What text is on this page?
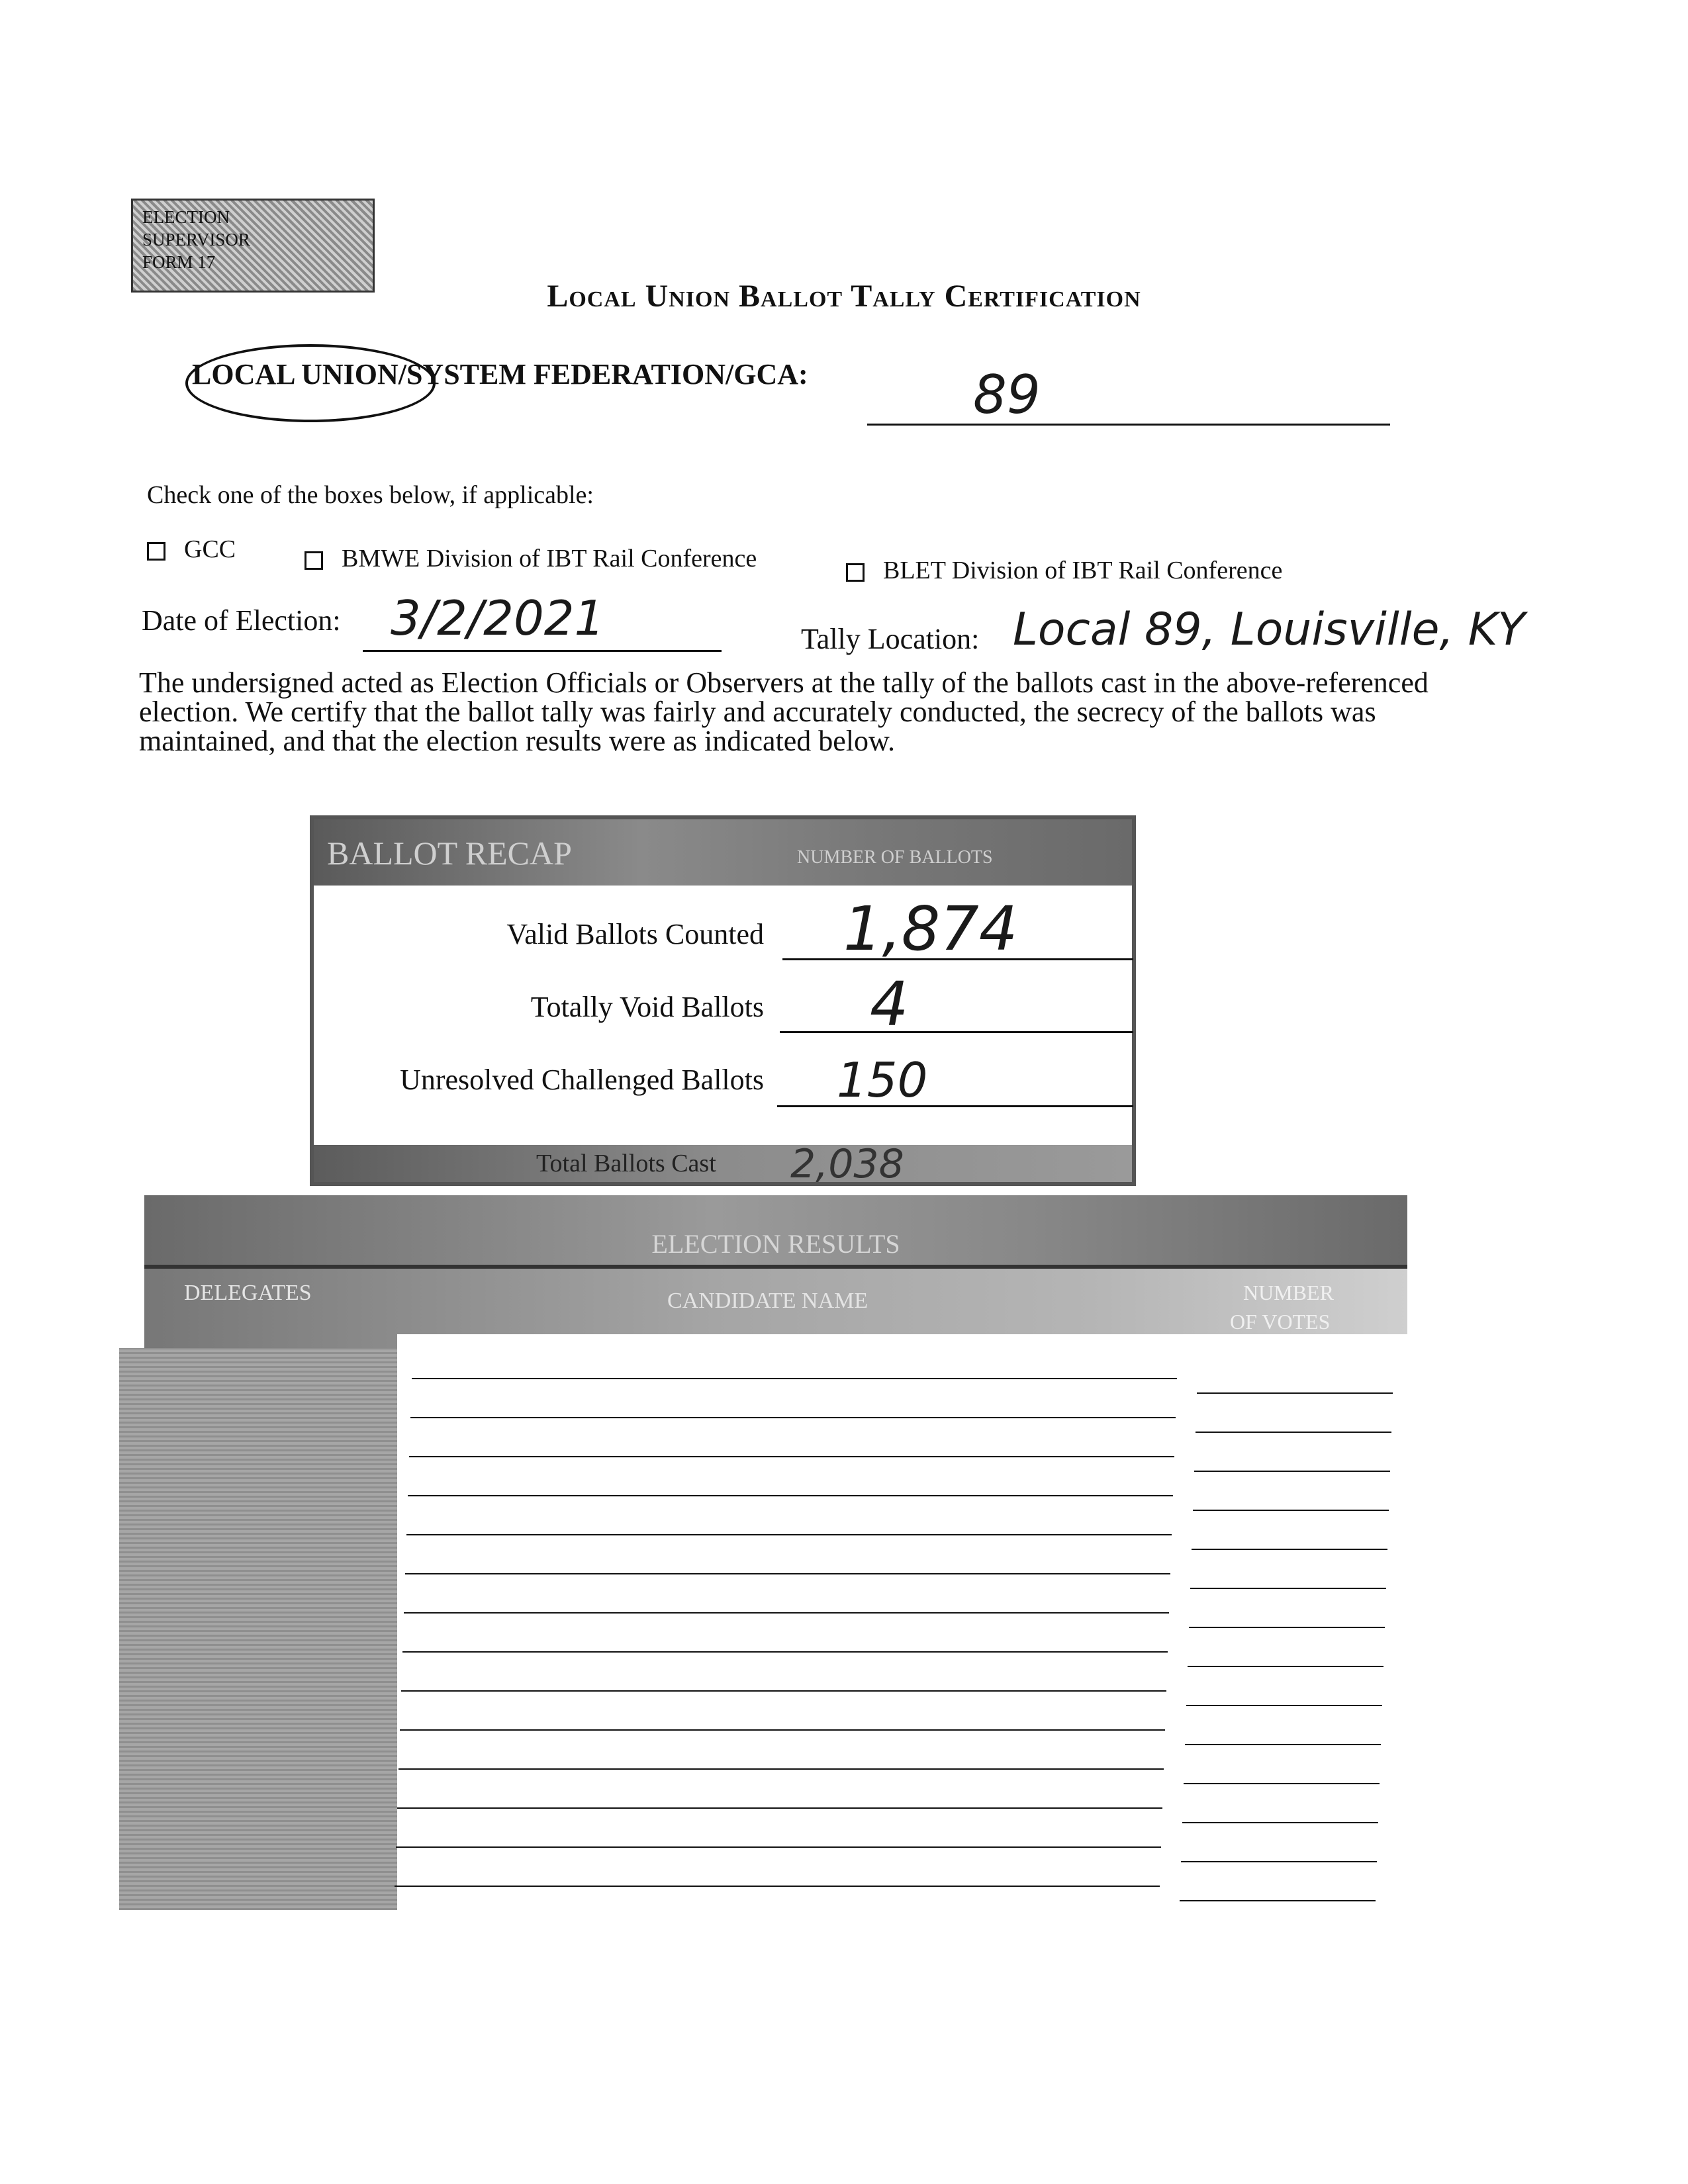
ELECTION
SUPERVISOR
FORM 17
Local Union Ballot Tally Certification
LOCAL UNION/SYSTEM FEDERATION/GCA:	89
Check one of the boxes below, if applicable:
GCC	BMWE Division of IBT Rail Conference	BLET Division of IBT Rail Conference
Date of Election: 3/2/2021	Tally Location: Local 89, Louisville, KY
The undersigned acted as Election Officials or Observers at the tally of the ballots cast in the above-referenced election. We certify that the ballot tally was fairly and accurately conducted, the secrecy of the ballots was maintained, and that the election results were as indicated below.
BALLOT RECAP	NUMBER OF BALLOTS
Valid Ballots Counted 1,874
Totally Void Ballots 4
Unresolved Challenged Ballots 150
Total Ballots Cast 2,038
ELECTION RESULTS
DELEGATES	CANDIDATE NAME	NUMBER
OF VOTES
